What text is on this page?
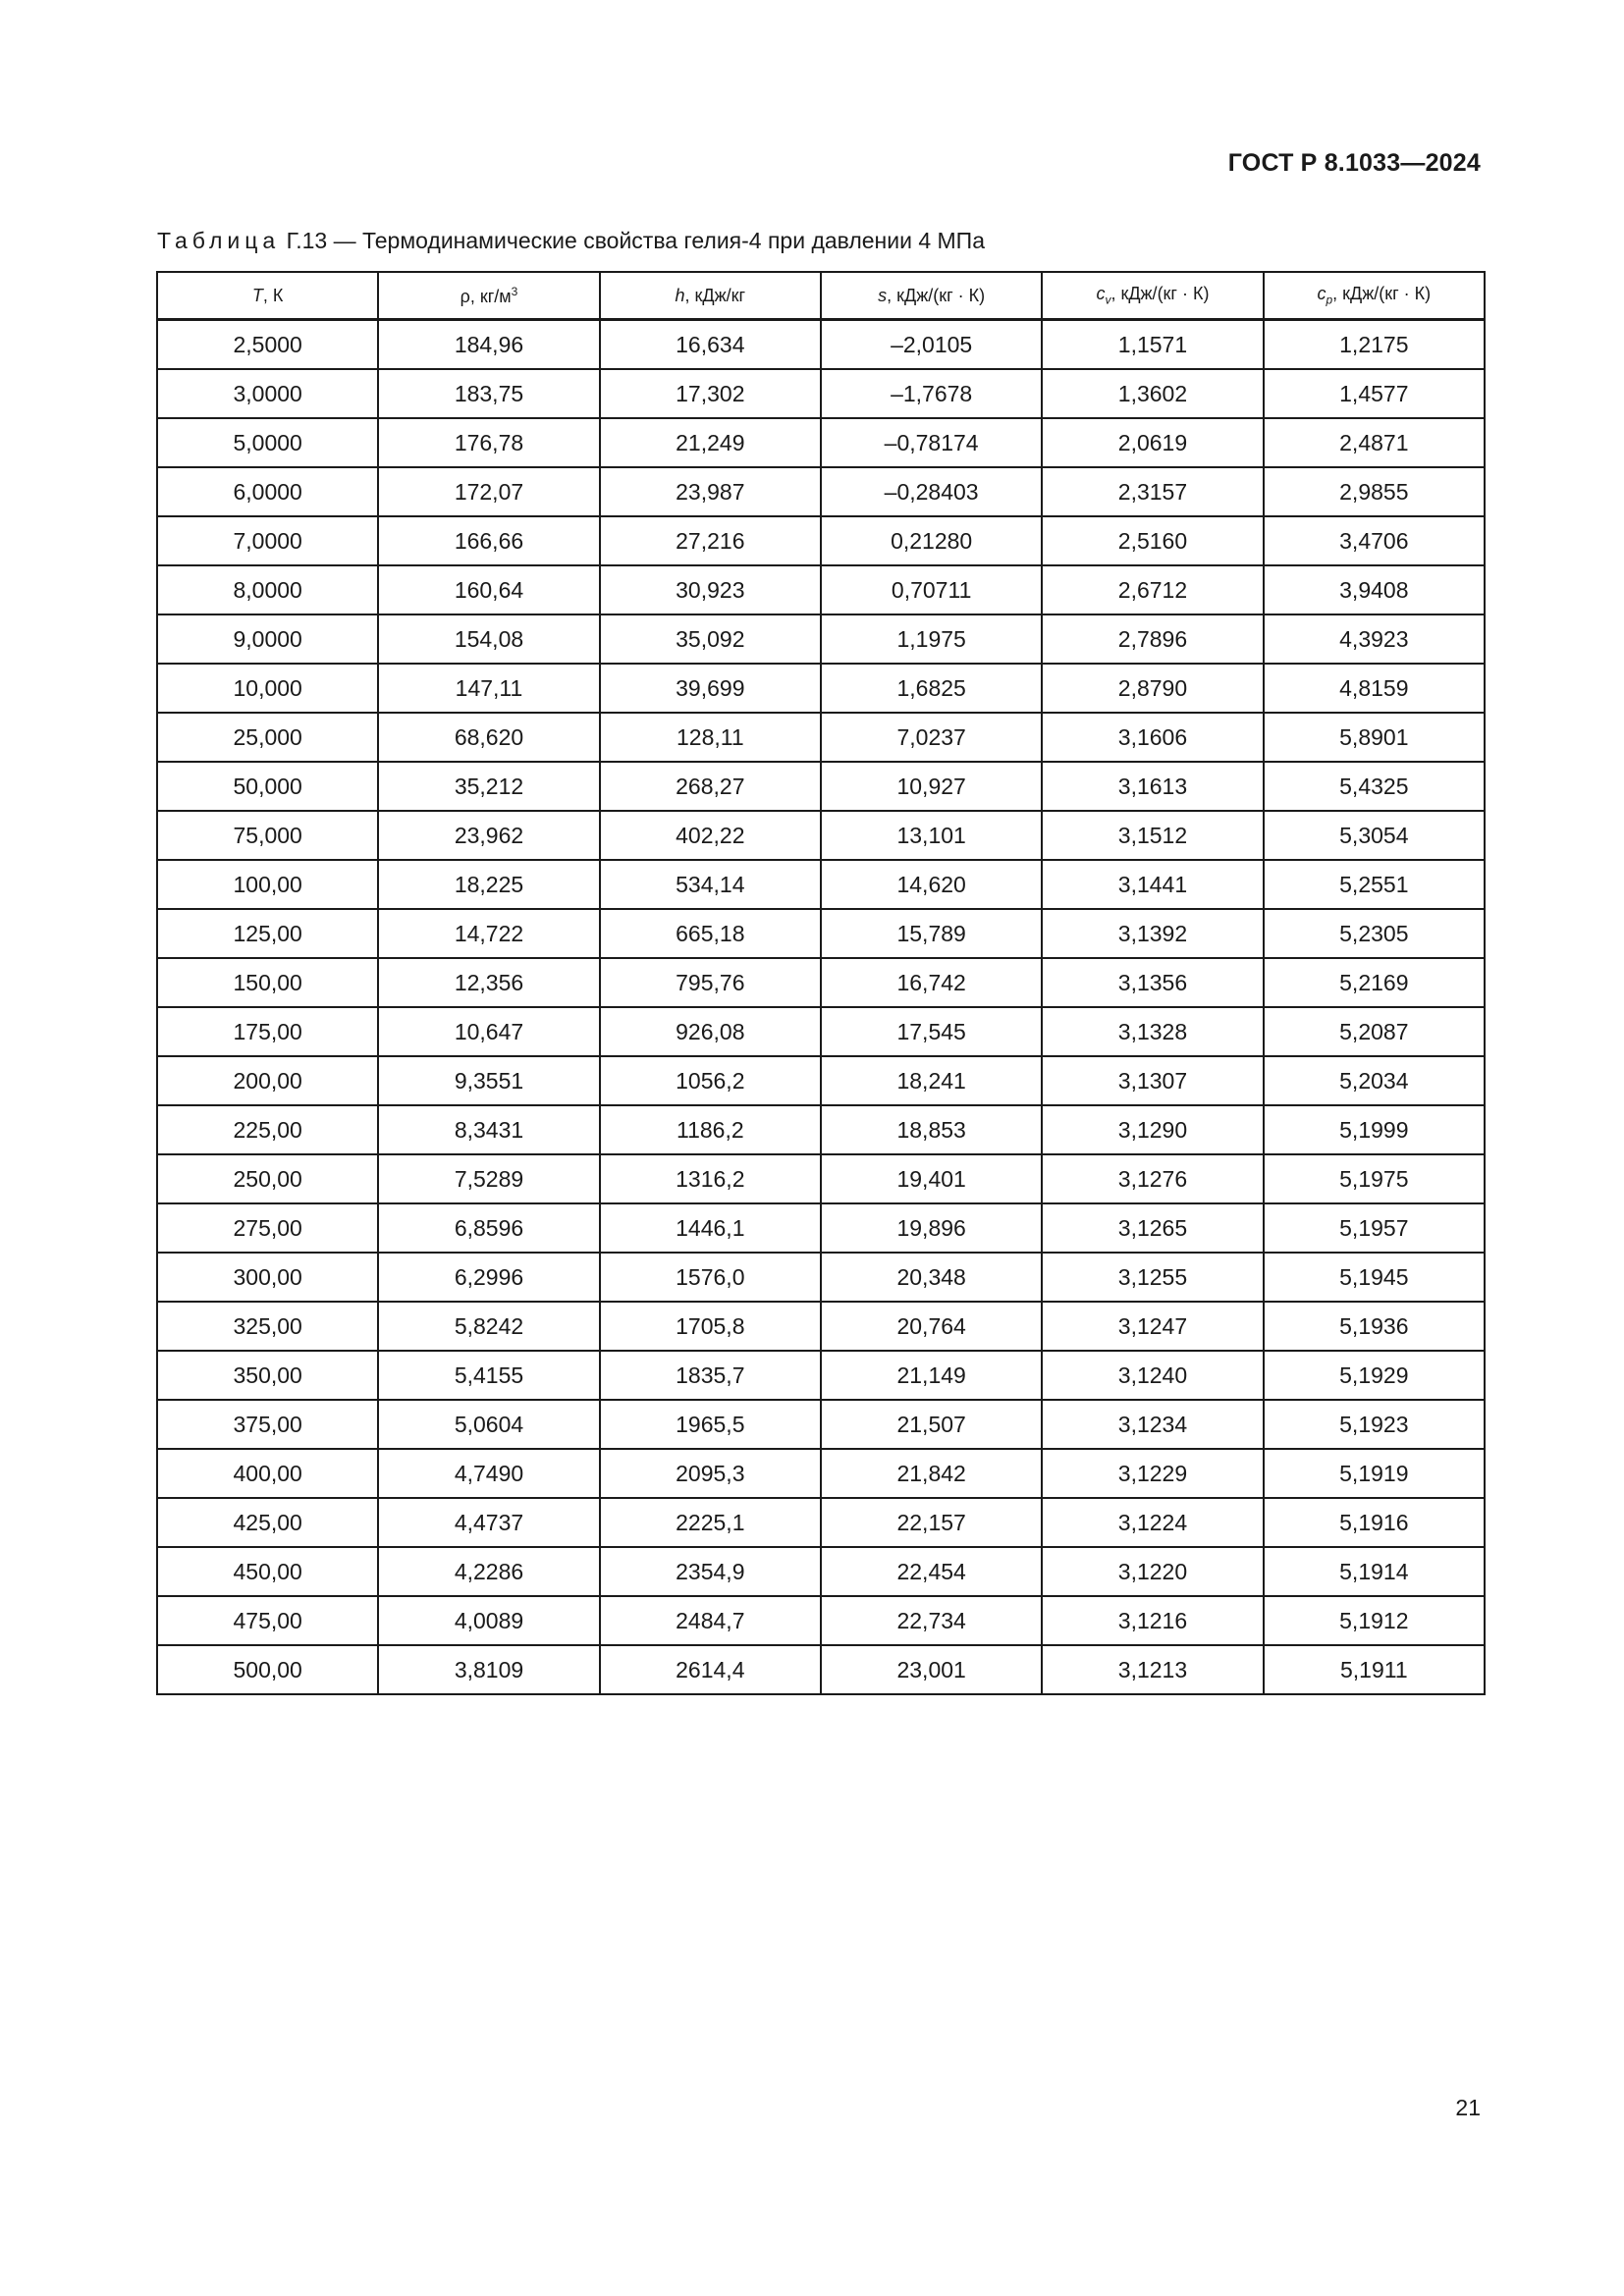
ГОСТ Р 8.1033—2024
Таблица Г.13 — Термодинамические свойства гелия-4 при давлении 4 МПа
T, К	ρ, $кг/м^3$	h, кДж/кг	s, кДж/(кг · К)	$c_v$, кДж/(кг · К)	$c_p$, кДж/(кг · К)
2,5000	184,96	16,634	–2,0105	1,1571	1,2175
3,0000	183,75	17,302	–1,7678	1,3602	1,4577
5,0000	176,78	21,249	–0,78174	2,0619	2,4871
6,0000	172,07	23,987	–0,28403	2,3157	2,9855
7,0000	166,66	27,216	0,21280	2,5160	3,4706
8,0000	160,64	30,923	0,70711	2,6712	3,9408
9,0000	154,08	35,092	1,1975	2,7896	4,3923
10,000	147,11	39,699	1,6825	2,8790	4,8159
25,000	68,620	128,11	7,0237	3,1606	5,8901
50,000	35,212	268,27	10,927	3,1613	5,4325
75,000	23,962	402,22	13,101	3,1512	5,3054
100,00	18,225	534,14	14,620	3,1441	5,2551
125,00	14,722	665,18	15,789	3,1392	5,2305
150,00	12,356	795,76	16,742	3,1356	5,2169
175,00	10,647	926,08	17,545	3,1328	5,2087
200,00	9,3551	1056,2	18,241	3,1307	5,2034
225,00	8,3431	1186,2	18,853	3,1290	5,1999
250,00	7,5289	1316,2	19,401	3,1276	5,1975
275,00	6,8596	1446,1	19,896	3,1265	5,1957
300,00	6,2996	1576,0	20,348	3,1255	5,1945
325,00	5,8242	1705,8	20,764	3,1247	5,1936
350,00	5,4155	1835,7	21,149	3,1240	5,1929
375,00	5,0604	1965,5	21,507	3,1234	5,1923
400,00	4,7490	2095,3	21,842	3,1229	5,1919
425,00	4,4737	2225,1	22,157	3,1224	5,1916
450,00	4,2286	2354,9	22,454	3,1220	5,1914
475,00	4,0089	2484,7	22,734	3,1216	5,1912
500,00	3,8109	2614,4	23,001	3,1213	5,1911
21
